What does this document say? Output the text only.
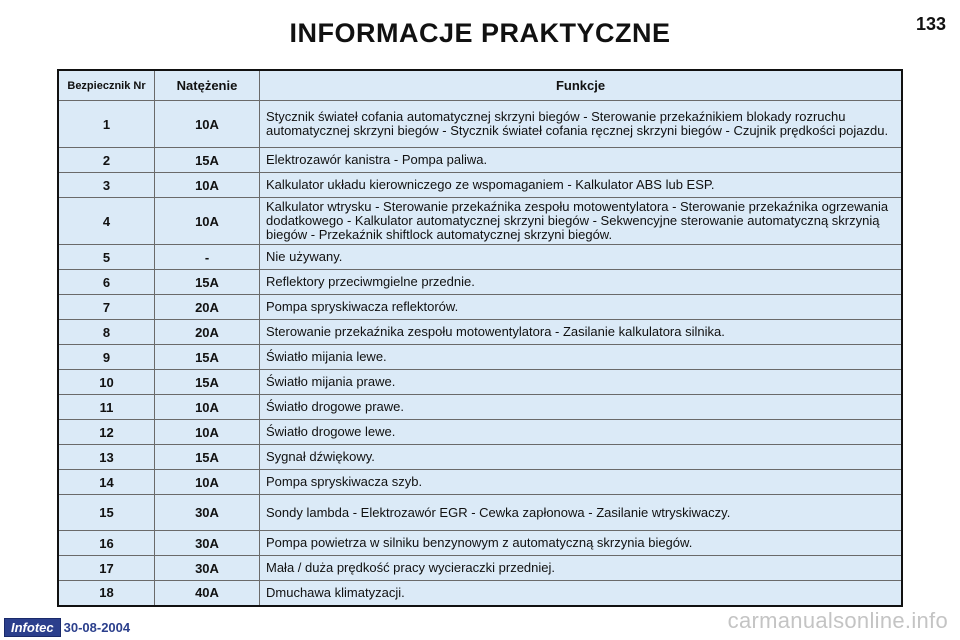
INFORMACJE PRAKTYCZNE	133
Bezpiecznik Nr	Natężenie	Funkcje
1	10A	Stycznik świateł cofania automatycznej skrzyni biegów - Sterowanie przekaźnikiem blokady rozruchu automatycznej skrzyni biegów - Stycznik świateł cofania ręcznej skrzyni biegów - Czujnik prędkości pojazdu.
2	15A	Elektrozawór kanistra - Pompa paliwa.
3	10A	Kalkulator układu kierowniczego ze wspomaganiem - Kalkulator ABS lub ESP.
4	10A	Kalkulator wtrysku - Sterowanie przekaźnika zespołu motowentylatora - Sterowanie przekaźnika ogrzewania dodatkowego - Kalkulator automatycznej skrzyni biegów - Sekwencyjne sterowanie automatyczną skrzynią biegów - Przekaźnik shiftlock automatycznej skrzyni biegów.
5	-	Nie używany.
6	15A	Reflektory przeciwmgielne przednie.
7	20A	Pompa spryskiwacza reflektorów.
8	20A	Sterowanie przekaźnika zespołu motowentylatora - Zasilanie kalkulatora silnika.
9	15A	Światło mijania lewe.
10	15A	Światło mijania prawe.
11	10A	Światło drogowe prawe.
12	10A	Światło drogowe lewe.
13	15A	Sygnał dźwiękowy.
14	10A	Pompa spryskiwacza szyb.
15	30A	Sondy lambda - Elektrozawór EGR - Cewka zapłonowa - Zasilanie wtryskiwaczy.
16	30A	Pompa powietrza w silniku benzynowym z automatyczną skrzynia biegów.
17	30A	Mała / duża prędkość pracy wycieraczki przedniej.
18	40A	Dmuchawa klimatyzacji.
Infotec 30-08-2004	carmanualsonline.info
